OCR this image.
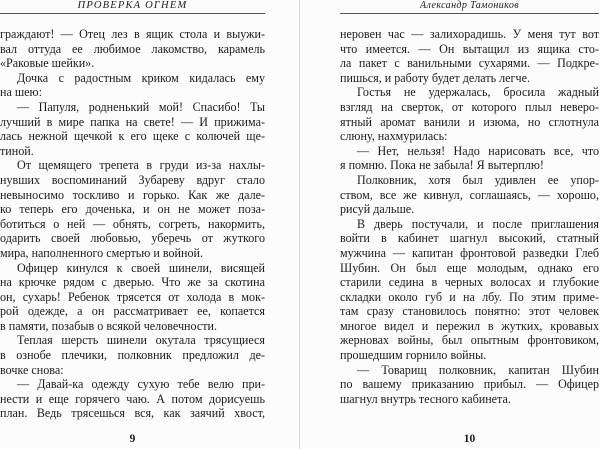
ПРОВЕРКА ОГНЕМ
граждают! — Отец лез в ящик стола и выужи-
вал оттуда ее любимое лакомство, карамель
«Раковые шейки».
Дочка с радостным криком кидалась ему
на шею:
— Папуля, родненький мой! Спасибо! Ты
лучший в мире папка на свете! — И прижима-
лась нежной щечкой к его щеке с колючей ще-
тиной.
От щемящего трепета в груди из-за нахлы-
нувших воспоминаний Зубареву вдруг стало
невыносимо тоскливо и горько. Как же дале-
ко теперь его доченька, и он не может поза-
ботиться о ней — обнять, согреть, накормить,
одарить своей любовью, уберечь от жуткого
мира, наполненного смертью и войной.
Офицер кинулся к своей шинели, висящей
на крючке рядом с дверью. Что же за скотина
он, сухарь! Ребенок трясется от холода в мок-
рой одежде, а он рассматривает ее, копается
в памяти, позабыв о всякой человечности.
Теплая шерсть шинели окутала трясущиеся
в ознобе плечики, полковник предложил де-
вочке снова:
— Давай-ка одежду сухую тебе велю при-
нести и еще горячего чаю. А потом дорисуешь
план. Ведь трясешься вся, как заячий хвост,
9
Александр Тамоников
неровен час — залихорадишь. У меня тут вот
что имеется. — Он вытащил из ящика сто-
ла пакет с ванильными сухарями. — Подкре-
пишься, и работу будет делать легче.
Гостья не удержалась, бросила жадный
взгляд на сверток, от которого плыл неверо-
ятный аромат ванили и изюма, но сглотнула
слюну, нахмурилась:
— Нет, нельзя! Надо нарисовать все, что
я помню. Пока не забыла! Я вытерплю!
Полковник, хотя был удивлен ее упор-
ством, все же кивнул, соглашаясь, — хорошо,
рисуй дальше.
В дверь постучали, и после приглашения
войти в кабинет шагнул высокий, статный
мужчина — капитан фронтовой разведки Глеб
Шубин. Он был еще молодым, однако его
старили седина в черных волосах и глубокие
складки около губ и на лбу. По этим приме-
там сразу становилось понятно: этот человек
многое видел и пережил в жутких, кровавых
жерновах войны, был опытным фронтовиком,
прошедшим горнило войны.
— Товарищ полковник, капитан Шубин
по вашему приказанию прибыл. — Офицер
шагнул внутрь тесного кабинета.
10
